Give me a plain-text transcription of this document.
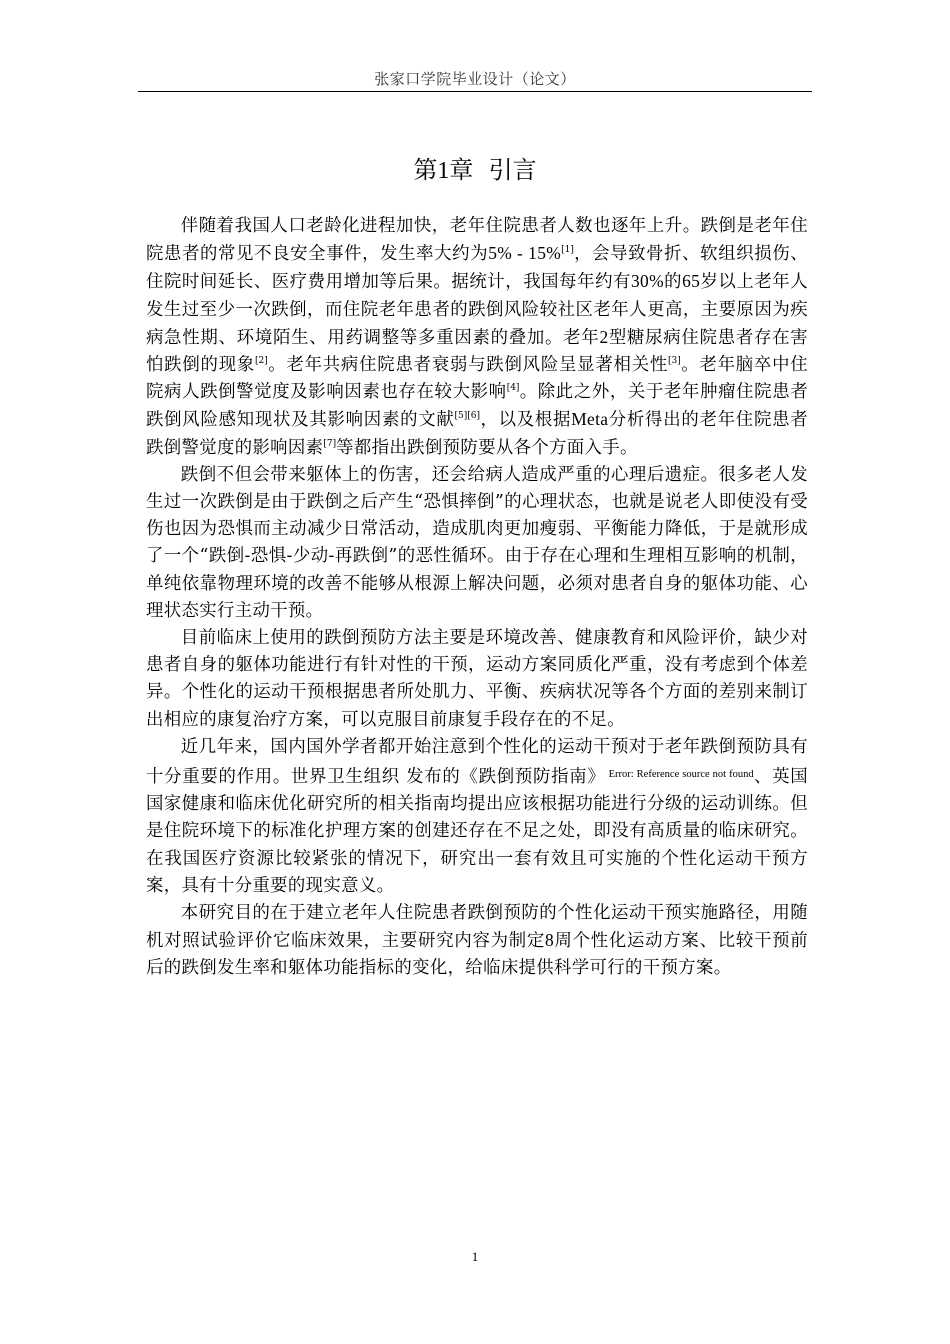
张家口学院毕业设计（论文）
第1章 引言

伴随着我国人口老龄化进程加快，老年住院患者人数也逐年上升。跌倒是老年住院患者的常见不良安全事件，发生率大约为5% - 15%[1]，会导致骨折、软组织损伤、住院时间延长、医疗费用增加等后果。据统计，我国每年约有30%的65岁以上老年人发生过至少一次跌倒，而住院老年患者的跌倒风险较社区老年人更高，主要原因为疾病急性期、环境陌生、用药调整等多重因素的叠加。老年2型糖尿病住院患者存在害怕跌倒的现象[2]。老年共病住院患者衰弱与跌倒风险呈显著相关性[3]。老年脑卒中住院病人跌倒警觉度及影响因素也存在较大影响[4]。除此之外，关于老年肿瘤住院患者跌倒风险感知现状及其影响因素的文献[5][6]，以及根据Meta分析得出的老年住院患者跌倒警觉度的影响因素[7]等都指出跌倒预防要从各个方面入手。

跌倒不但会带来躯体上的伤害，还会给病人造成严重的心理后遗症。很多老人发生过一次跌倒是由于跌倒之后产生“恐惧摔倒”的心理状态，也就是说老人即使没有受伤也因为恐惧而主动减少日常活动，造成肌肉更加瘦弱、平衡能力降低，于是就形成了一个“跌倒-恐惧-少动-再跌倒”的恶性循环。由于存在心理和生理相互影响的机制，单纯依靠物理环境的改善不能够从根源上解决问题，必须对患者自身的躯体功能、心理状态实行主动干预。

目前临床上使用的跌倒预防方法主要是环境改善、健康教育和风险评价，缺少对患者自身的躯体功能进行有针对性的干预，运动方案同质化严重，没有考虑到个体差异。个性化的运动干预根据患者所处肌力、平衡、疾病状况等各个方面的差别来制订出相应的康复治疗方案，可以克服目前康复手段存在的不足。

近几年来，国内国外学者都开始注意到个性化的运动干预对于老年跌倒预防具有十分重要的作用。世界卫生组织 发布的《跌倒预防指南》 $^{Error: Reference source not found}$、英国国家健康和临床优化研究所的相关指南均提出应该根据功能进行分级的运动训练。但是住院环境下的标准化护理方案的创建还存在不足之处，即没有高质量的临床研究。在我国医疗资源比较紧张的情况下，研究出一套有效且可实施的个性化运动干预方案，具有十分重要的现实意义。

本研究目的在于建立老年人住院患者跌倒预防的个性化运动干预实施路径，用随机对照试验评价它临床效果，主要研究内容为制定8周个性化运动方案、比较干预前后的跌倒发生率和躯体功能指标的变化，给临床提供科学可行的干预方案。

1
